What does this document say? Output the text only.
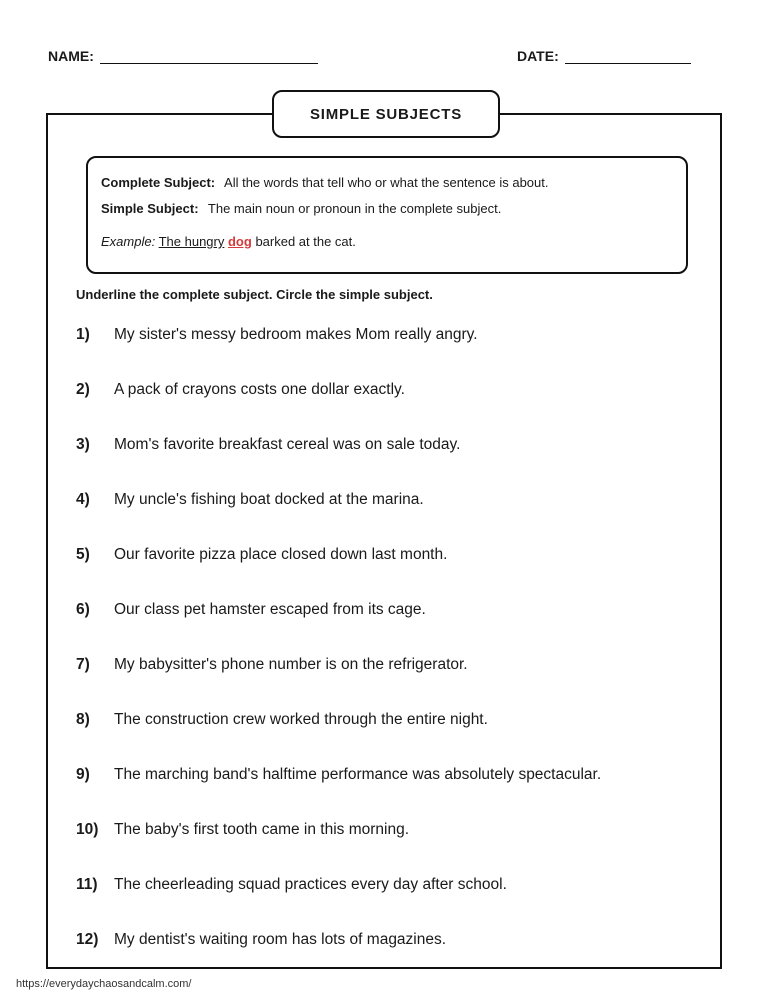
NAME:	DATE:
SIMPLE SUBJECTS
Complete Subject: All the words that tell who or what the sentence is about.
Simple Subject: The main noun or pronoun in the complete subject.
Example: The hungry dog barked at the cat.
Underline the complete subject. Circle the simple subject.
1) My sister's messy bedroom makes Mom really angry.
2) A pack of crayons costs one dollar exactly.
3) Mom's favorite breakfast cereal was on sale today.
4) My uncle's fishing boat docked at the marina.
5) Our favorite pizza place closed down last month.
6) Our class pet hamster escaped from its cage.
7) My babysitter's phone number is on the refrigerator.
8) The construction crew worked through the entire night.
9) The marching band's halftime performance was absolutely spectacular.
10) The baby's first tooth came in this morning.
11) The cheerleading squad practices every day after school.
12) My dentist's waiting room has lots of magazines.
https://everydaychaosandcalm.com/
